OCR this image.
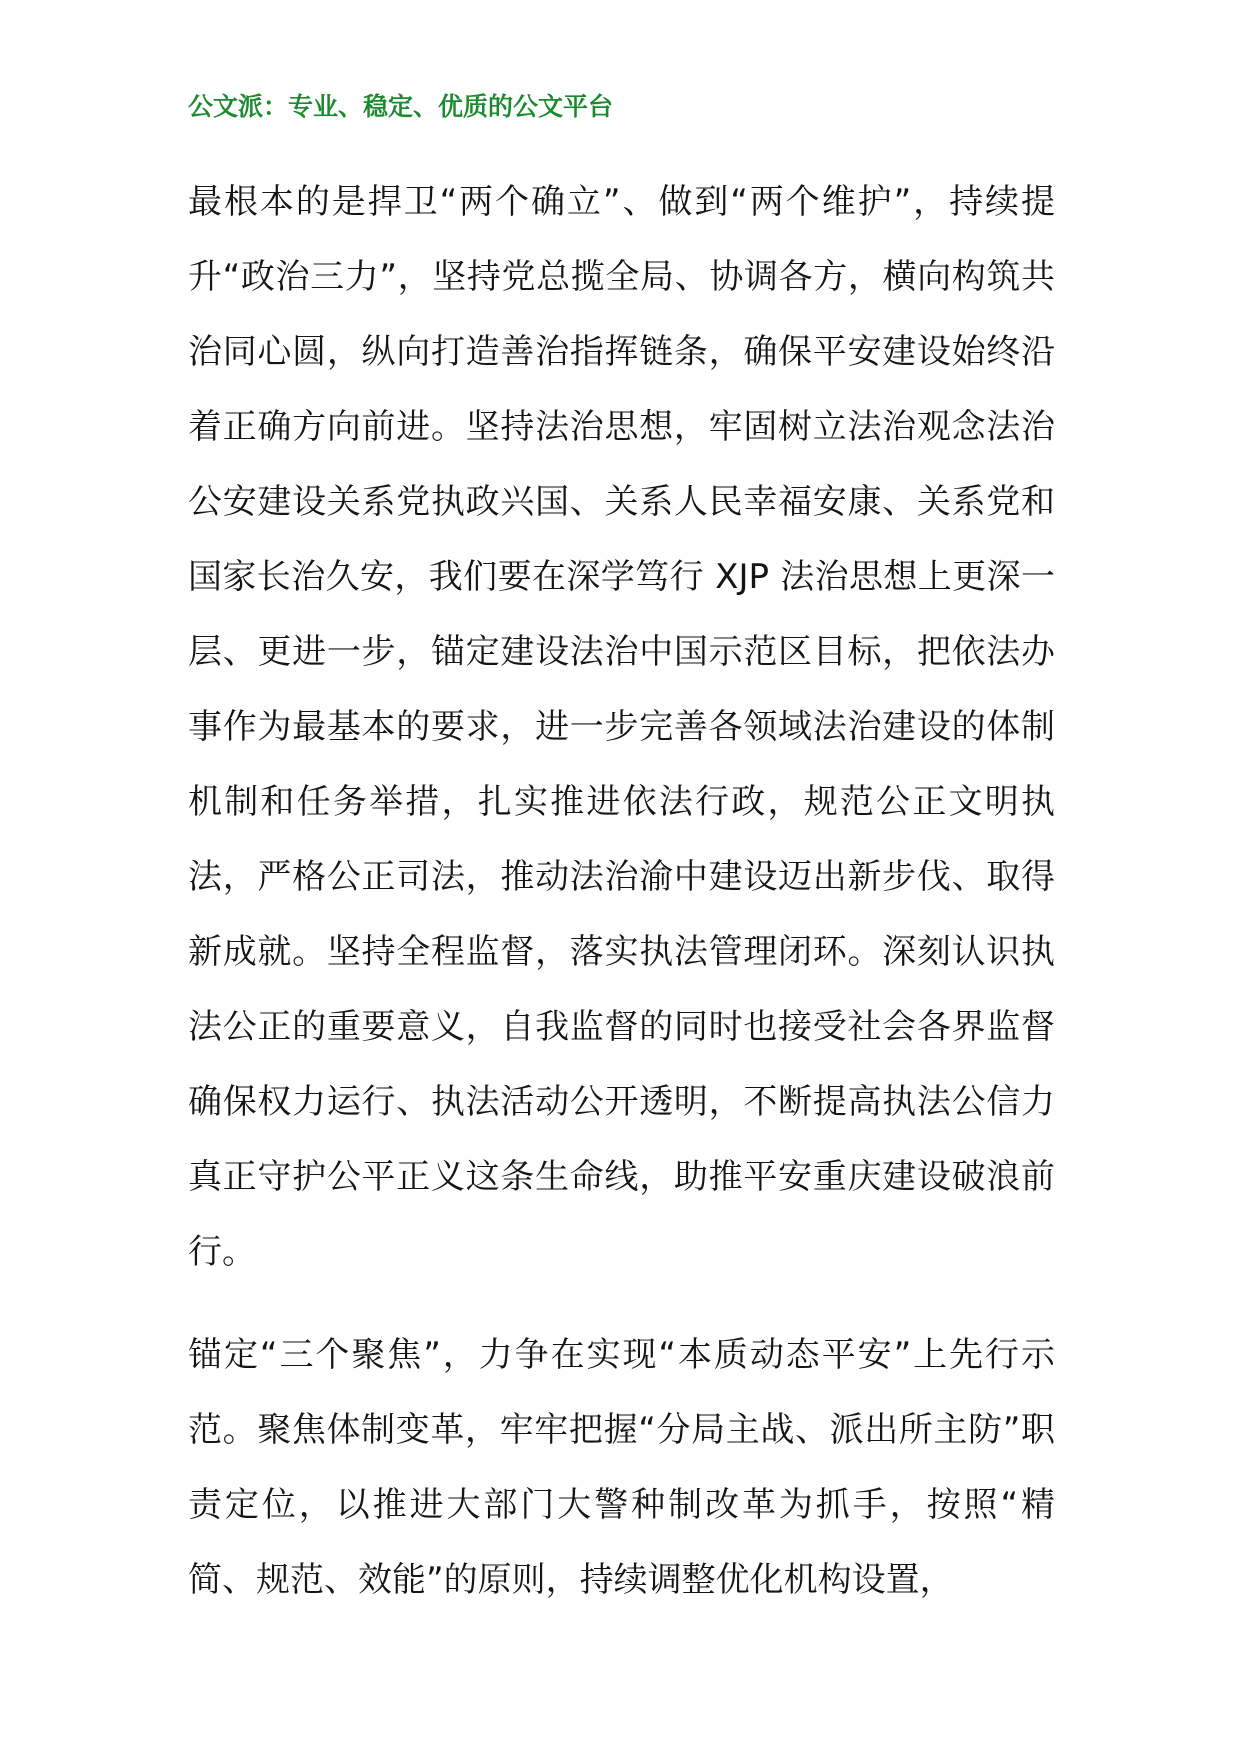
公文派：专业、稳定、优质的公文平台

最根本的是捍卫“两个确立”、做到“两个维护”，持续提升“政治三力”，坚持党总揽全局、协调各方，横向构筑共治同心圆，纵向打造善治指挥链条，确保平安建设始终沿着正确方向前进。坚持法治思想，牢固树立法治观念法治公安建设关系党执政兴国、关系人民幸福安康、关系党和国家长治久安，我们要在深学笃行 XJP 法治思想上更深一层、更进一步，锚定建设法治中国示范区目标，把依法办事作为最基本的要求，进一步完善各领域法治建设的体制机制和任务举措，扎实推进依法行政，规范公正文明执法，严格公正司法，推动法治渝中建设迈出新步伐、取得新成就。坚持全程监督，落实执法管理闭环。深刻认识执法公正的重要意义，自我监督的同时也接受社会各界监督确保权力运行、执法活动公开透明，不断提高执法公信力真正守护公平正义这条生命线，助推平安重庆建设破浪前行。

锚定“三个聚焦”，力争在实现“本质动态平安”上先行示范。聚焦体制变革，牢牢把握“分局主战、派出所主防”职责定位，以推进大部门大警种制改革为抓手，按照“精简、规范、效能”的原则，持续调整优化机构设置，
